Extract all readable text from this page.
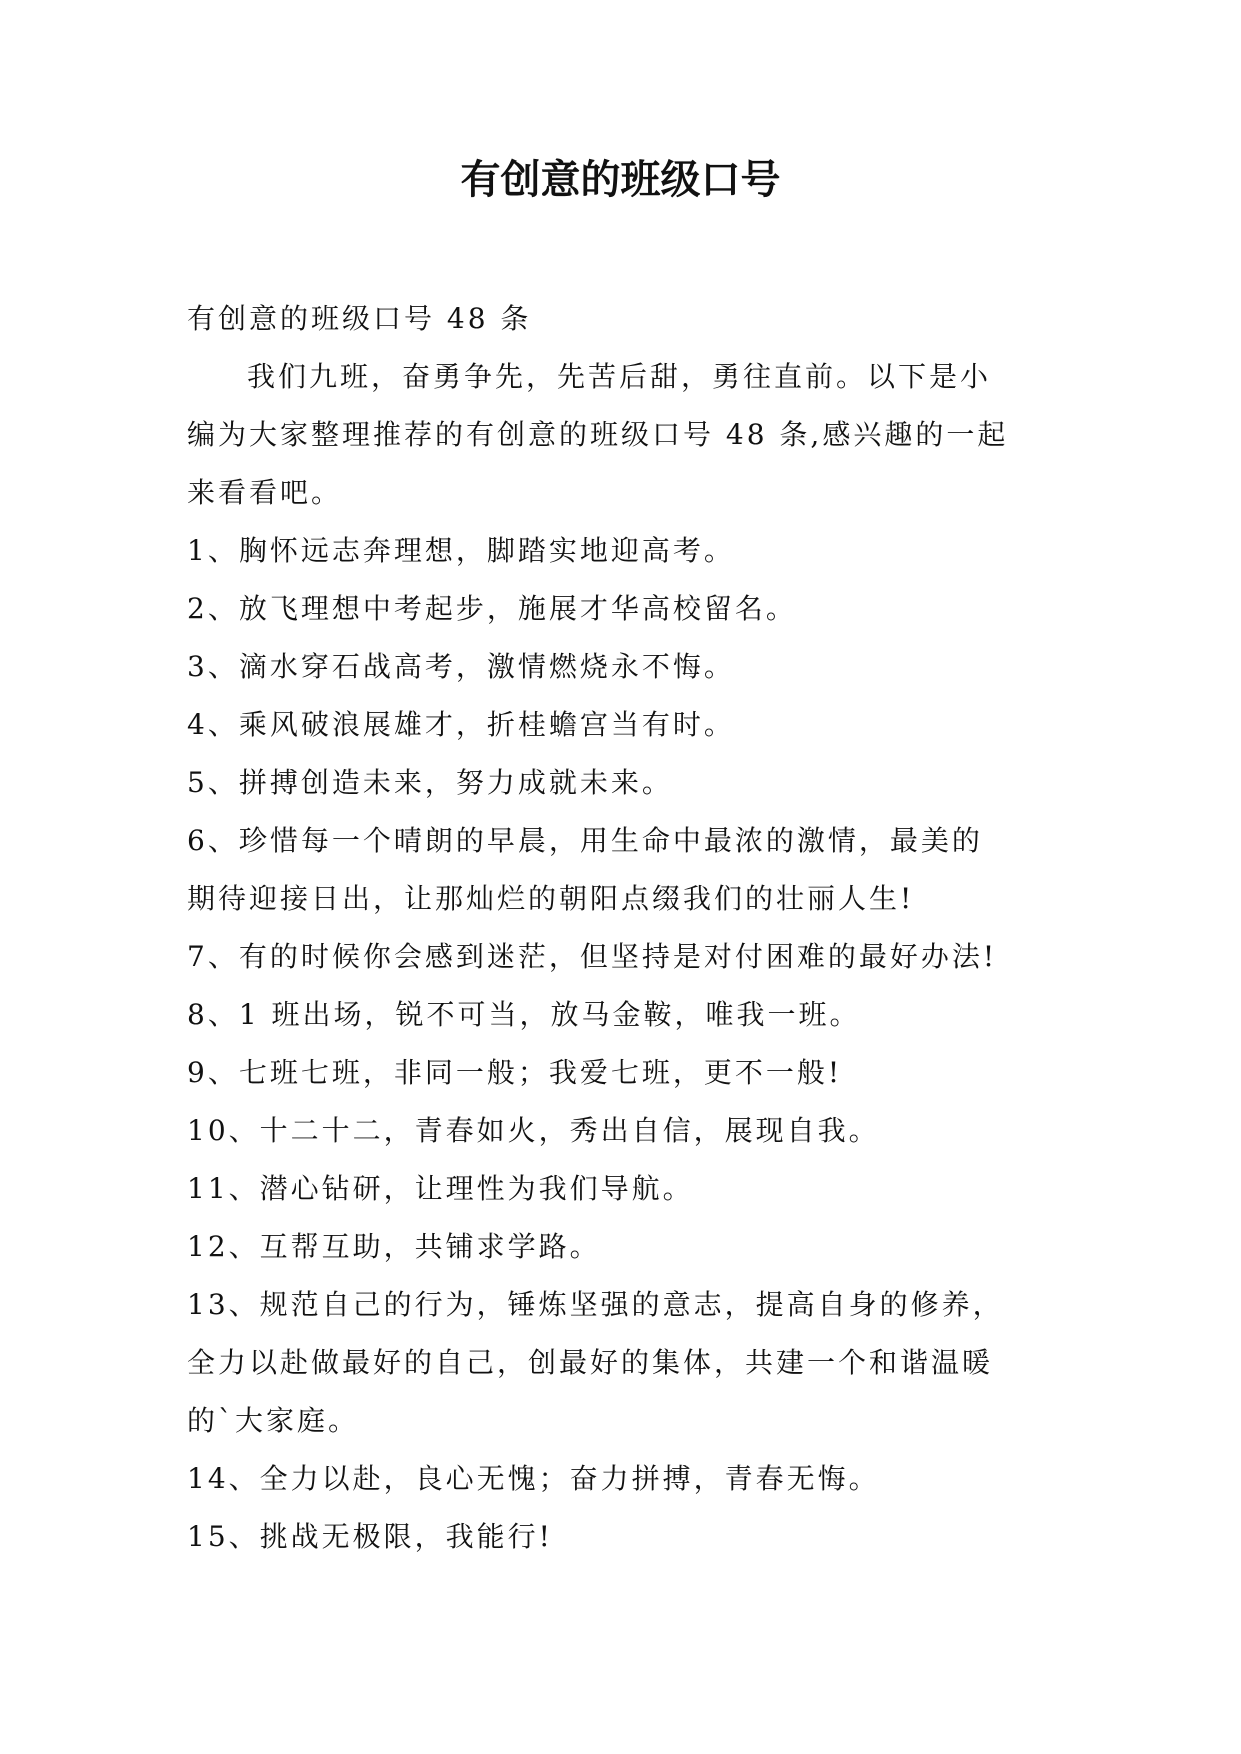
有创意的班级口号

有创意的班级口号 48 条

我们九班，奋勇争先，先苦后甜，勇往直前。以下是小

编为大家整理推荐的有创意的班级口号 48 条,感兴趣的一起

来看看吧。

1、胸怀远志奔理想，脚踏实地迎高考。

2、放飞理想中考起步，施展才华高校留名。

3、滴水穿石战高考，激情燃烧永不悔。

4、乘风破浪展雄才，折桂蟾宫当有时。

5、拼搏创造未来，努力成就未来。

6、珍惜每一个晴朗的早晨，用生命中最浓的激情，最美的

期待迎接日出，让那灿烂的朝阳点缀我们的壮丽人生!

7、有的时候你会感到迷茫，但坚持是对付困难的最好办法!

8、1 班出场，锐不可当，放马金鞍，唯我一班。

9、七班七班，非同一般；我爱七班，更不一般!

10、十二十二，青春如火，秀出自信，展现自我。

11、潜心钻研，让理性为我们导航。

12、互帮互助，共铺求学路。

13、规范自己的行为，锤炼坚强的意志，提高自身的修养，

全力以赴做最好的自己，创最好的集体，共建一个和谐温暖

的`大家庭。

14、全力以赴，良心无愧；奋力拼搏，青春无悔。

15、挑战无极限，我能行!
